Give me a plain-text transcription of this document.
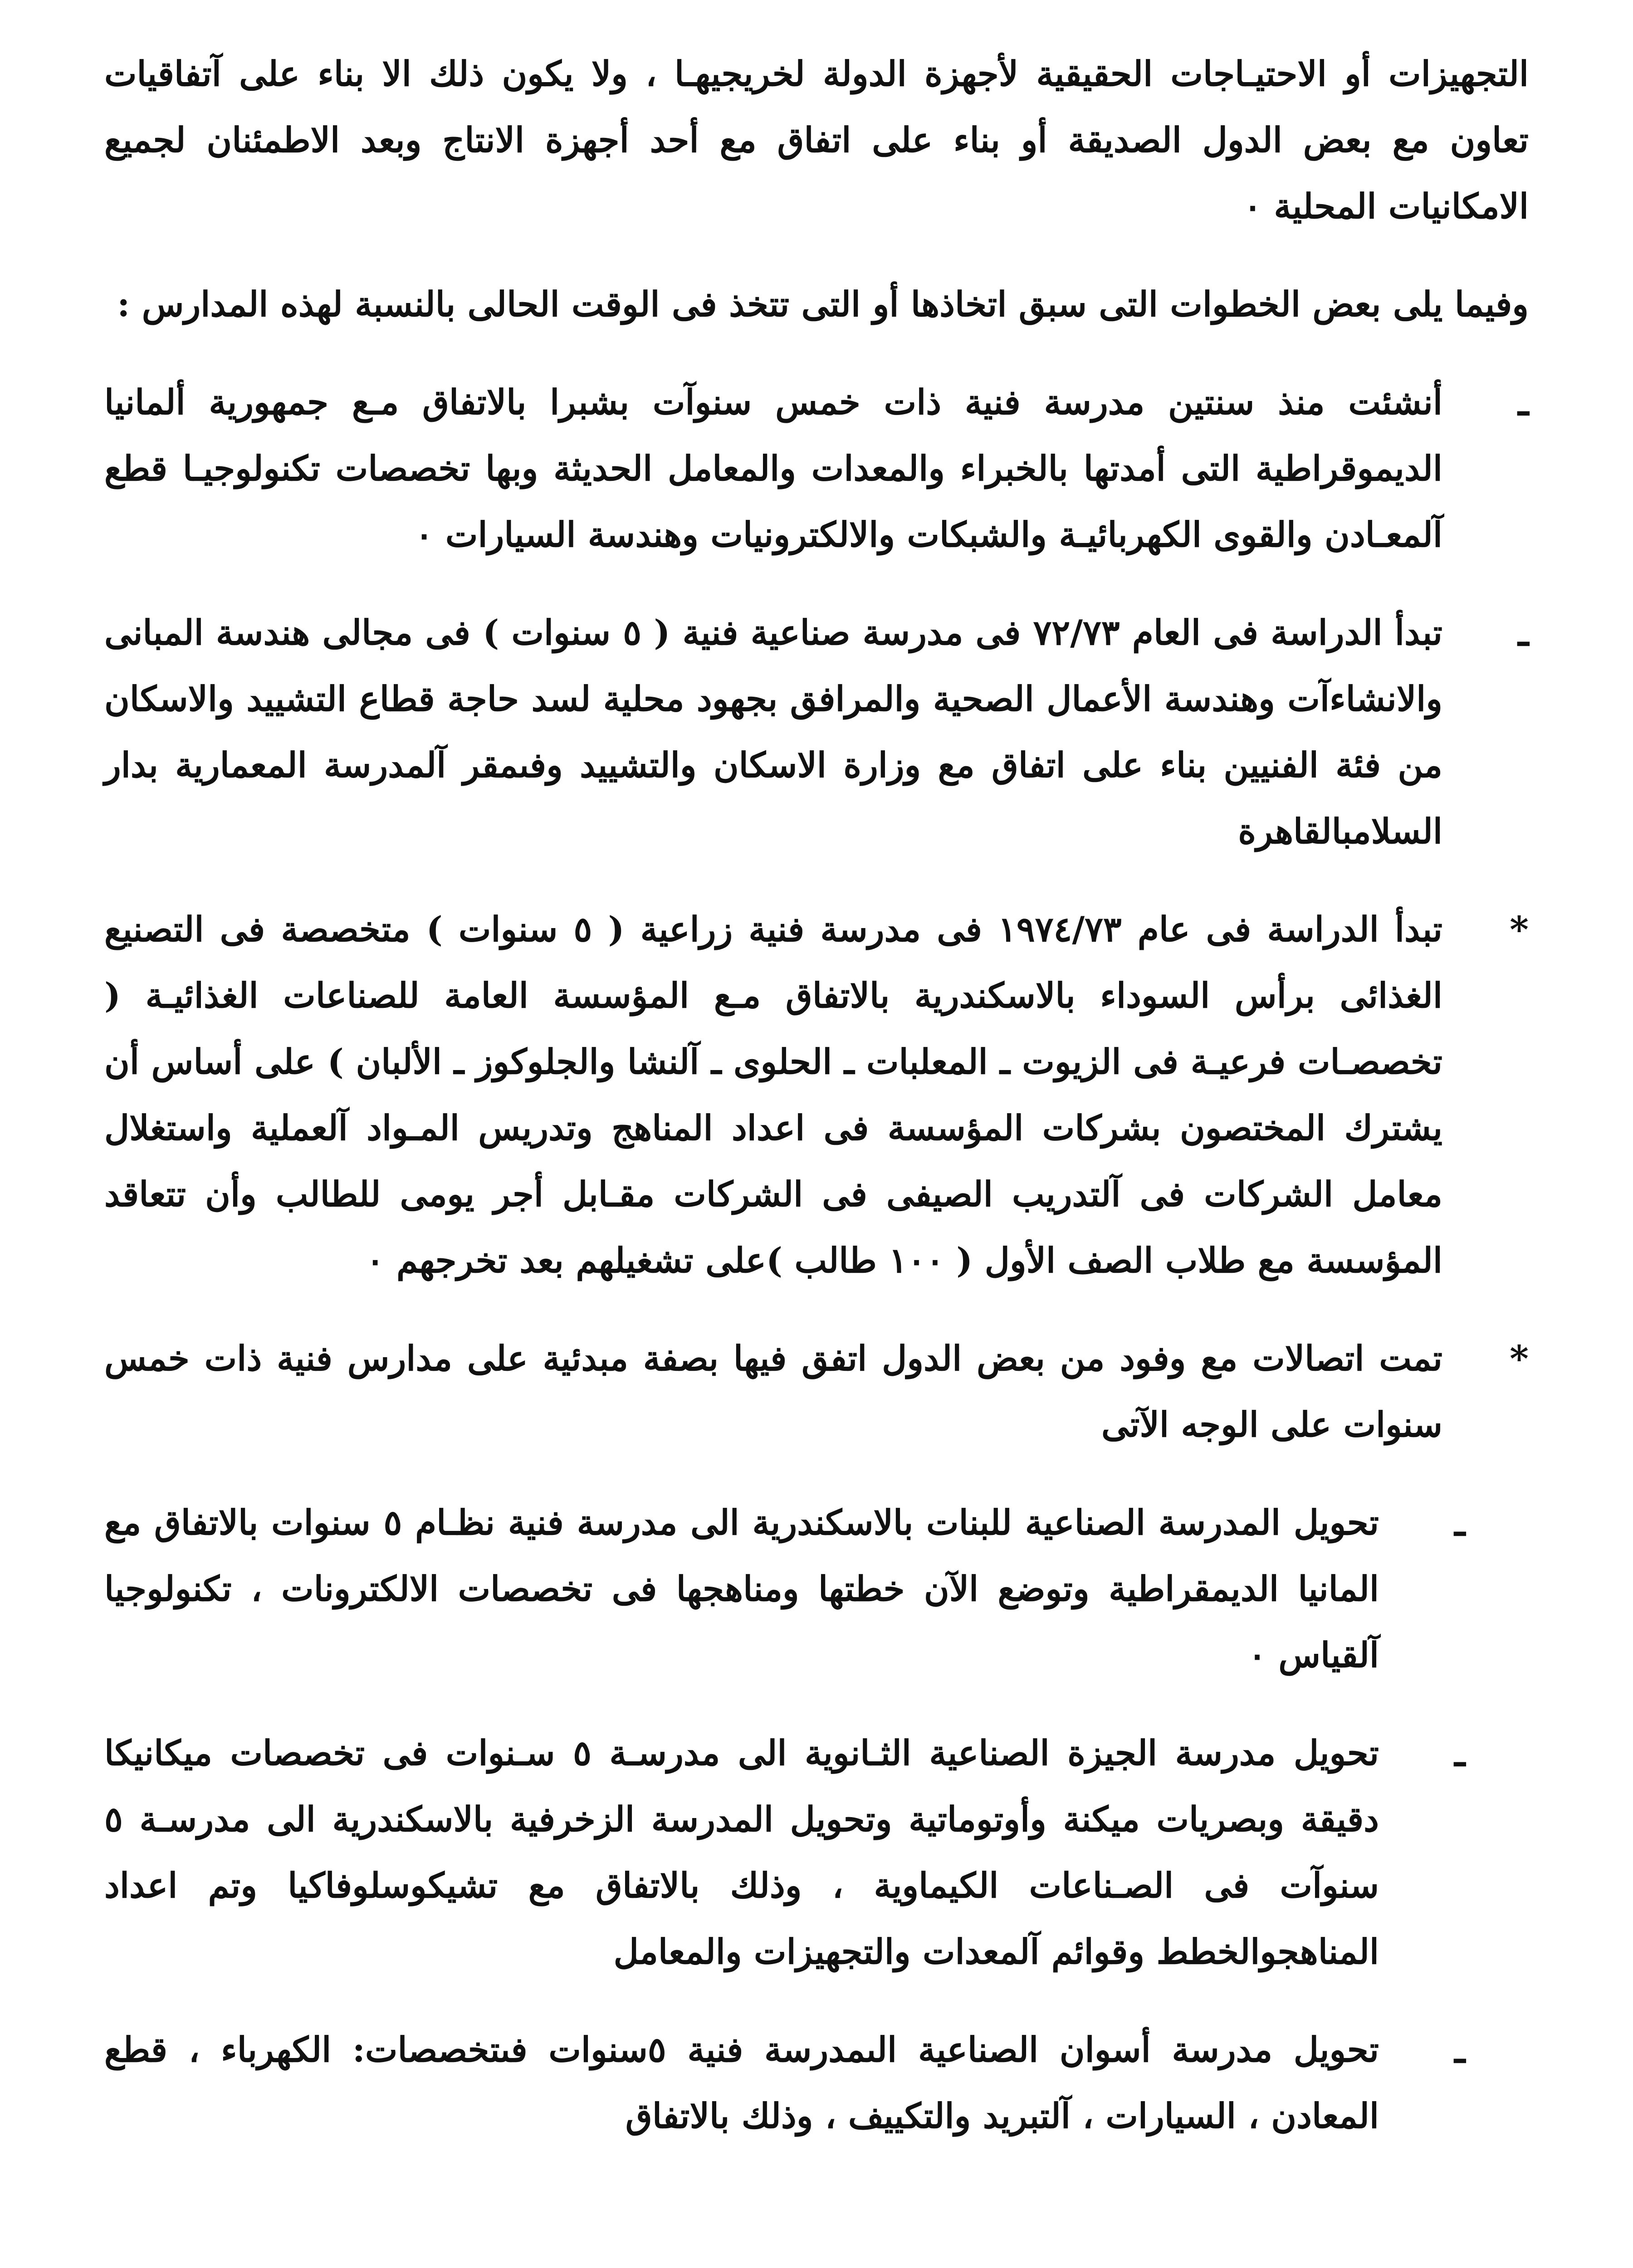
التجهيزات أو الاحتيـاجات الحقيقية لأجهزة الدولة لخريجيهـا ، ولا يكون ذلك الا بناء على آتفاقيات تعاون مع بعض الدول الصديقة أو بناء على اتفاق مع أحد أجهزة الانتاج وبعد الاطمئنان لجميع الامكانيات المحلية ٠

وفيما يلى بعض الخطوات التى سبق اتخاذها أو التى تتخذ فى الوقت الحالى بالنسبة لهذه المدارس :

ـ
أنشئت منذ سنتين مدرسة فنية ذات خمس سنوآت بشبرا بالاتفاق مـع جمهورية ألمانيا الديموقراطية التى أمدتها بالخبراء والمعدات والمعامل الحديثة وبها تخصصات تكنولوجيـا قطع آلمعـادن والقوى الكهربائيـة والشبكات والالكترونيات وهندسة السيارات ٠
ـ
تبدأ الدراسة فى العام ٧٢/٧٣ فى مدرسة صناعية فنية ( ٥ سنوات ) فى مجالى هندسة المبانى والانشاءآت وهندسة الأعمال الصحية والمرافق بجهود محلية لسد حاجة قطاع التشييد والاسكان من فئة الفنيين بناء على اتفاق مع وزارة الاسكان والتشييد وفىمقر آلمدرسة المعمارية بدار السلامبالقاهرة
*
تبدأ الدراسة فى عام ١٩٧٤/٧٣ فى مدرسة فنية زراعية ( ٥ سنوات ) متخصصة فى التصنيع الغذائى برأس السوداء بالاسكندرية بالاتفاق مـع المؤسسة العامة للصناعات الغذائيـة ( تخصصـات فرعيـة فى الزيوت ـ المعلبات ـ الحلوى ـ آلنشا والجلوكوز ـ الألبان ) على أساس أن يشترك المختصون بشركات المؤسسة فى اعداد المناهج وتدريس المـواد آلعملية واستغلال معامل الشركات فى آلتدريب الصيفى فى الشركات مقـابل أجر يومى للطالب وأن تتعاقد المؤسسة مع طلاب الصف الأول ( ١٠٠ طالب )على تشغيلهم بعد تخرجهم ٠
*
تمت اتصالات مع وفود من بعض الدول اتفق فيها بصفة مبدئية على مدارس فنية ذات خمس سنوات على الوجه الآتى
ـ
تحويل المدرسة الصناعية للبنات بالاسكندرية الى مدرسة فنية نظـام ٥ سنوات بالاتفاق مع المانيا الديمقراطية وتوضع الآن خطتها ومناهجها فى تخصصات الالكترونات ، تكنولوجيا آلقياس ٠
ـ
تحويل مدرسة الجيزة الصناعية الثـانوية الى مدرسـة ٥ سـنوات فى تخصصات ميكانيكا دقيقة وبصريات ميكنة وأوتوماتية وتحويل المدرسة الزخرفية بالاسكندرية الى مدرسـة ٥ سنوآت فى الصـناعات الكيماوية ، وذلك بالاتفاق مع تشيكوسلوفاكيا وتم اعداد المناهجوالخطط وقوائم آلمعدات والتجهيزات والمعامل
ـ
تحويل مدرسة أسوان الصناعية الىمدرسة فنية ٥سنوات فىتخصصات: الكهرباء ، قطع المعادن ، السيارات ، آلتبريد والتكييف ، وذلك بالاتفاق
